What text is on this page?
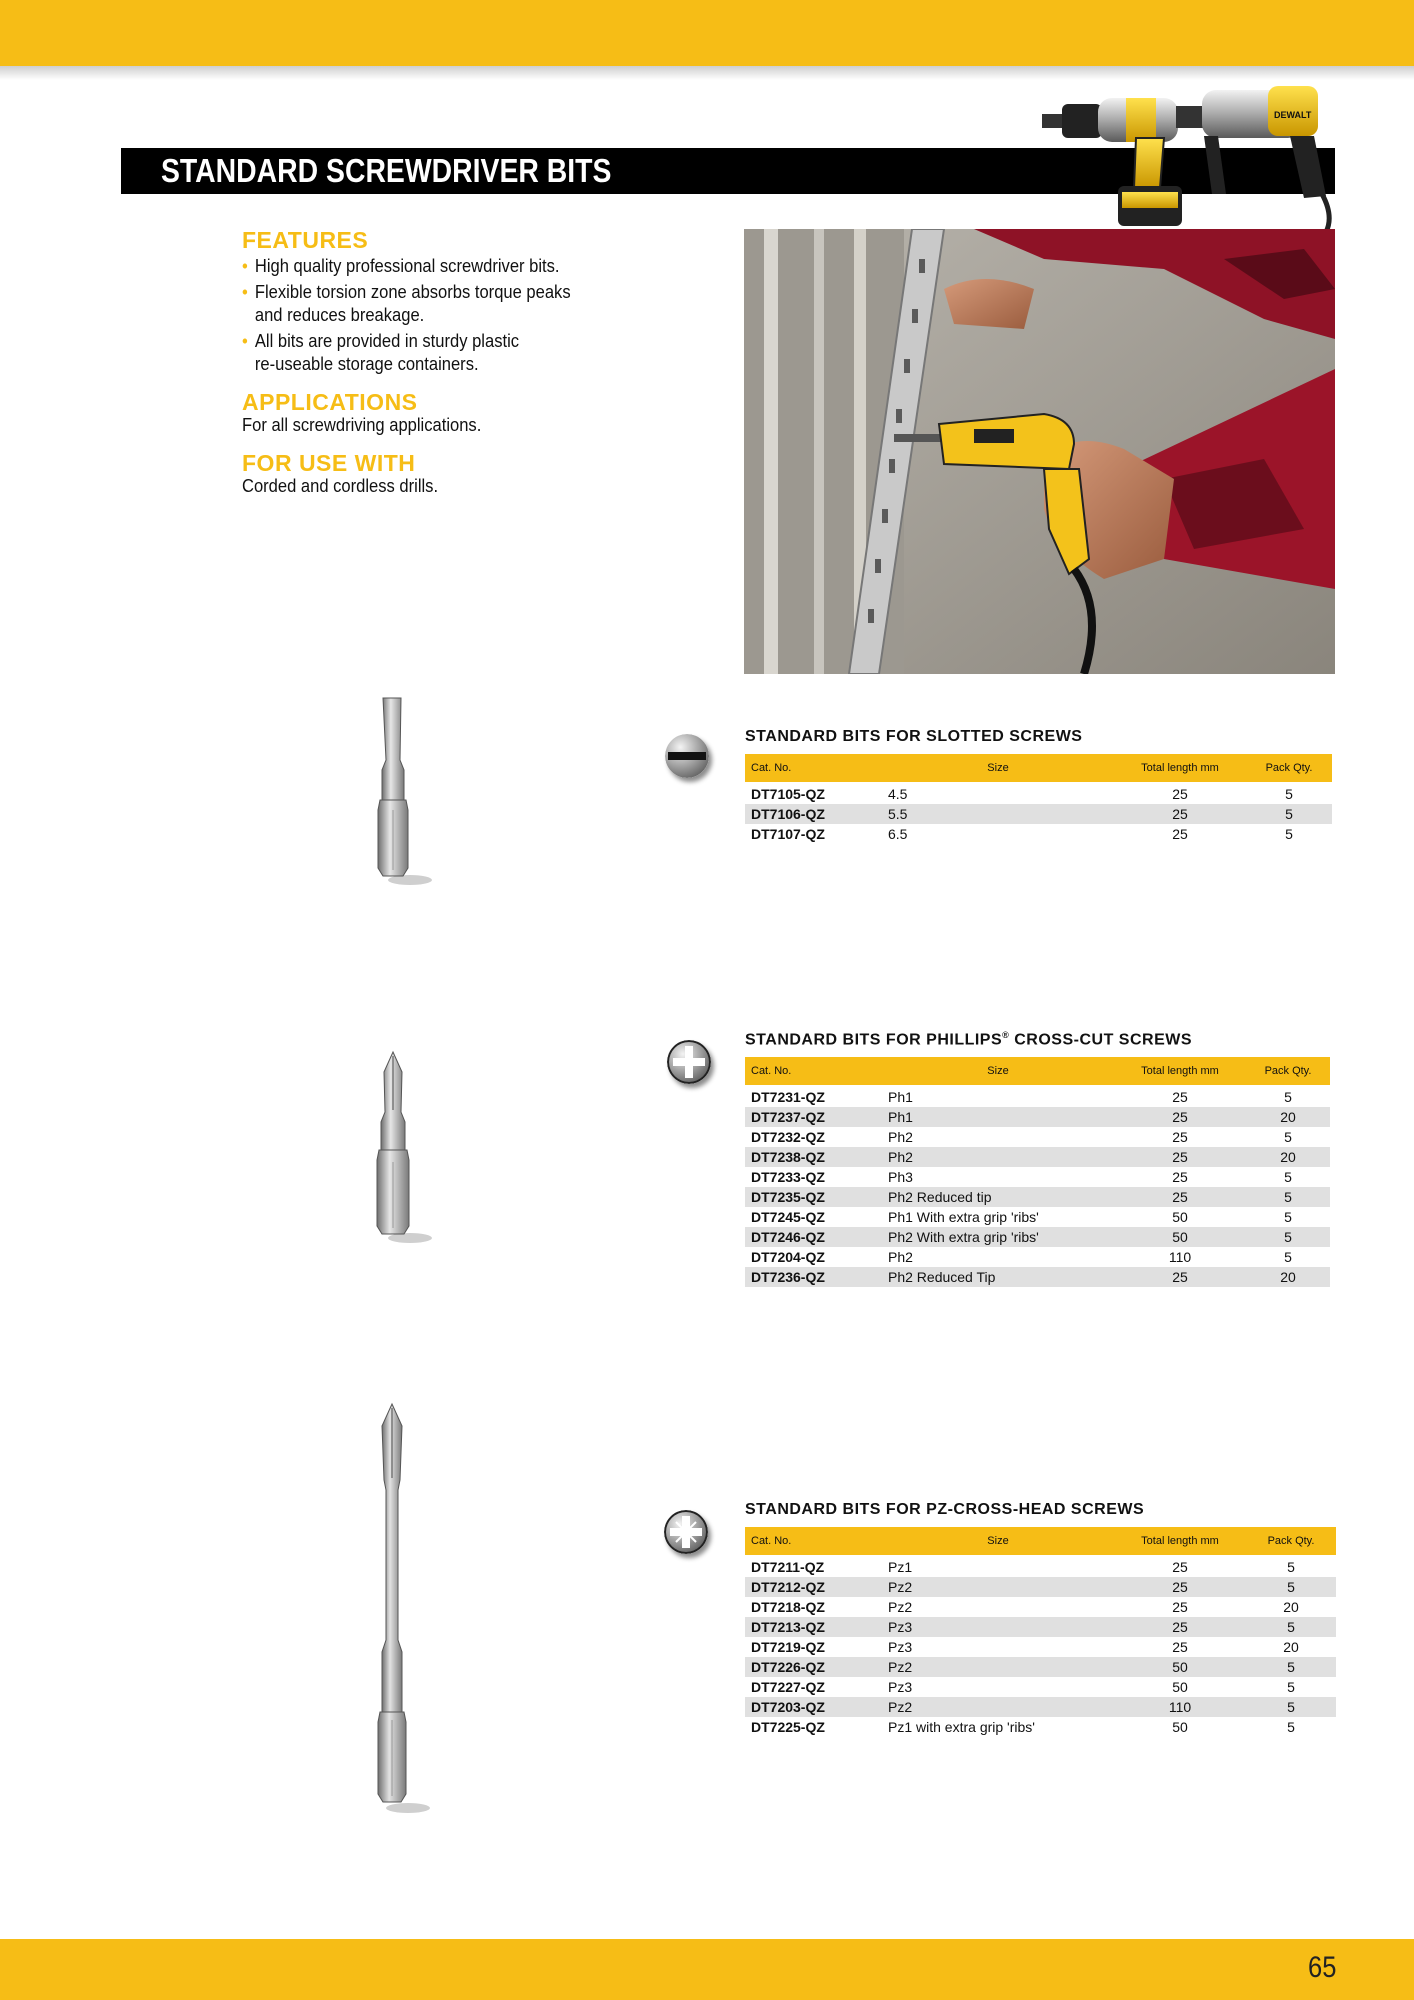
65
STANDARD SCREWDRIVER BITS
DEWALT
FEATURES
• High quality professional screwdriver bits.
• Flexible torsion zone absorbs torque peaks
and reduces breakage.
• All bits are provided in sturdy plastic
re-useable storage containers.
APPLICATIONS
For all screwdriving applications.
FOR USE WITH
Corded and cordless drills.
STANDARD BITS FOR SLOTTED SCREWS
Cat. No.	Size	Total length mm	Pack Qty.
DT7105-QZ	4.5	25	5
DT7106-QZ	5.5	25	5
DT7107-QZ	6.5	25	5
STANDARD BITS FOR PHILLIPS® CROSS-CUT SCREWS
Cat. No.	Size	Total length mm	Pack Qty.
DT7231-QZ	Ph1	25	5
DT7237-QZ	Ph1	25	20
DT7232-QZ	Ph2	25	5
DT7238-QZ	Ph2	25	20
DT7233-QZ	Ph3	25	5
DT7235-QZ	Ph2 Reduced tip	25	5
DT7245-QZ	Ph1 With extra grip 'ribs'	50	5
DT7246-QZ	Ph2 With extra grip 'ribs'	50	5
DT7204-QZ	Ph2	110	5
DT7236-QZ	Ph2 Reduced Tip	25	20
STANDARD BITS FOR PZ-CROSS-HEAD SCREWS
Cat. No.	Size	Total length mm	Pack Qty.
DT7211-QZ	Pz1	25	5
DT7212-QZ	Pz2	25	5
DT7218-QZ	Pz2	25	20
DT7213-QZ	Pz3	25	5
DT7219-QZ	Pz3	25	20
DT7226-QZ	Pz2	50	5
DT7227-QZ	Pz3	50	5
DT7203-QZ	Pz2	110	5
DT7225-QZ	Pz1 with extra grip 'ribs'	50	5
